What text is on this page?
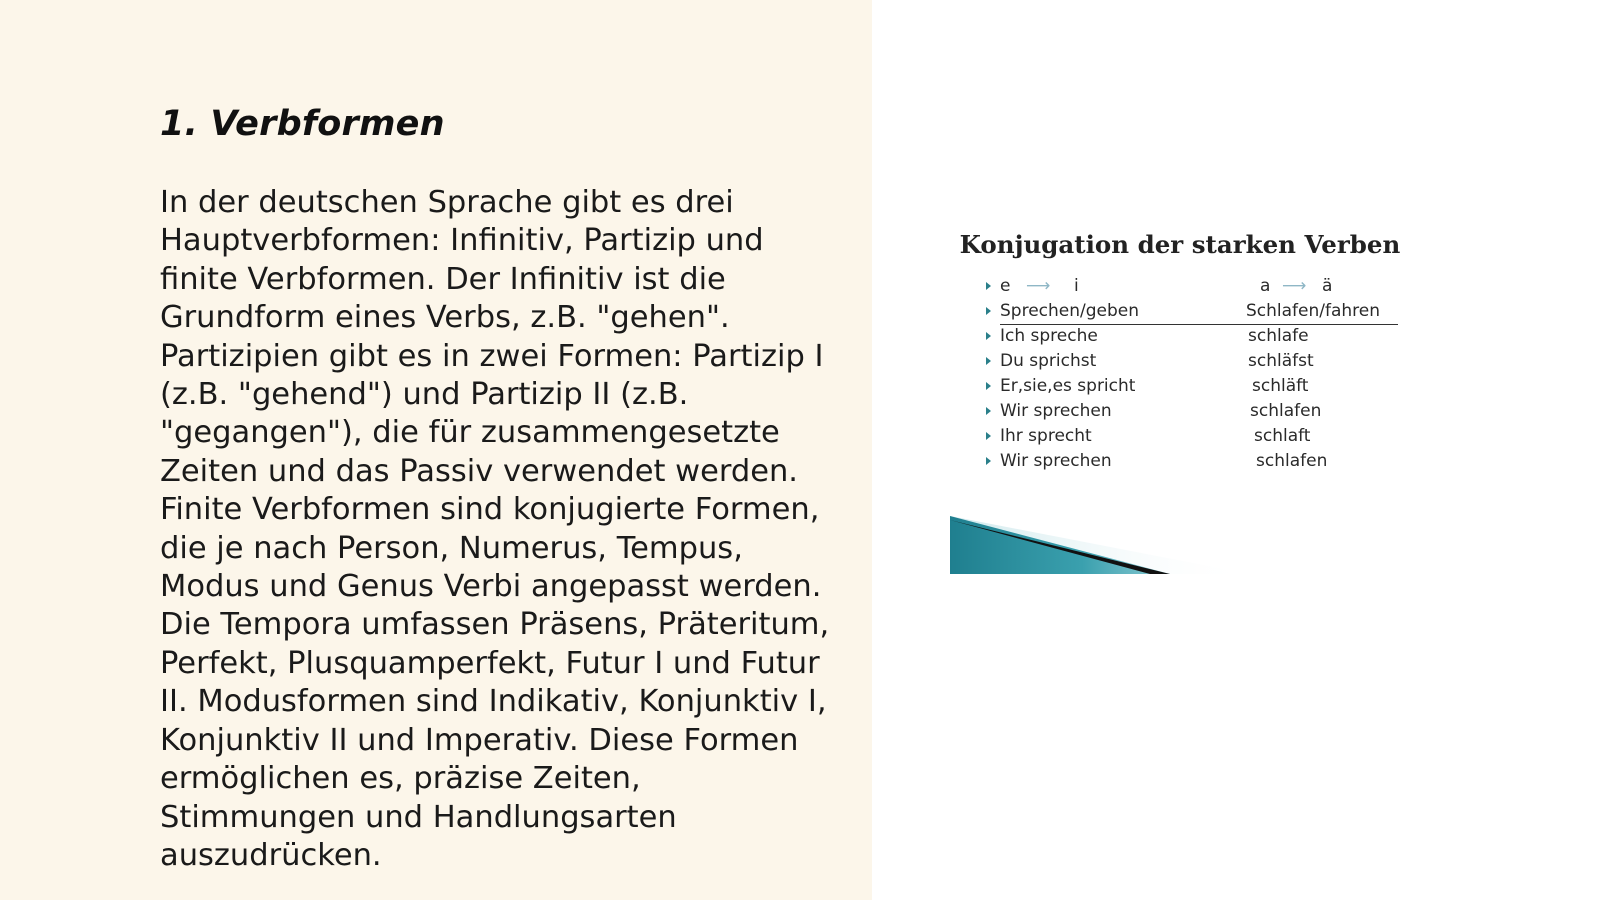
1. Verbformen

In der deutschen Sprache gibt es drei Hauptverbformen: Infinitiv, Partizip und finite Verbformen. Der Infinitiv ist die Grundform eines Verbs, z.B. "gehen". Partizipien gibt es in zwei Formen: Partizip I (z.B. "gehend") und Partizip II (z.B. "gegangen"), die für zusammengesetzte Zeiten und das Passiv verwendet werden. Finite Verbformen sind konjugierte Formen, die je nach Person, Numerus, Tempus, Modus und Genus Verbi angepasst werden. Die Tempora umfassen Präsens, Präteritum, Perfekt, Plusquamperfekt, Futur I und Futur II. Modusformen sind Indikativ, Konjunktiv I, Konjunktiv II und Imperativ. Diese Formen ermöglichen es, präzise Zeiten, Stimmungen und Handlungsarten auszudrücken.

Konjugation der starken Verben
e ⟶ i	a ⟶ ä
Sprechen/geben	Schlafen/fahren
Ich spreche	schlafe
Du sprichst	schläfst
Er,sie,es spricht	schläft
Wir sprechen	schlafen
Ihr sprecht	schlaft
Wir sprechen	schlafen
